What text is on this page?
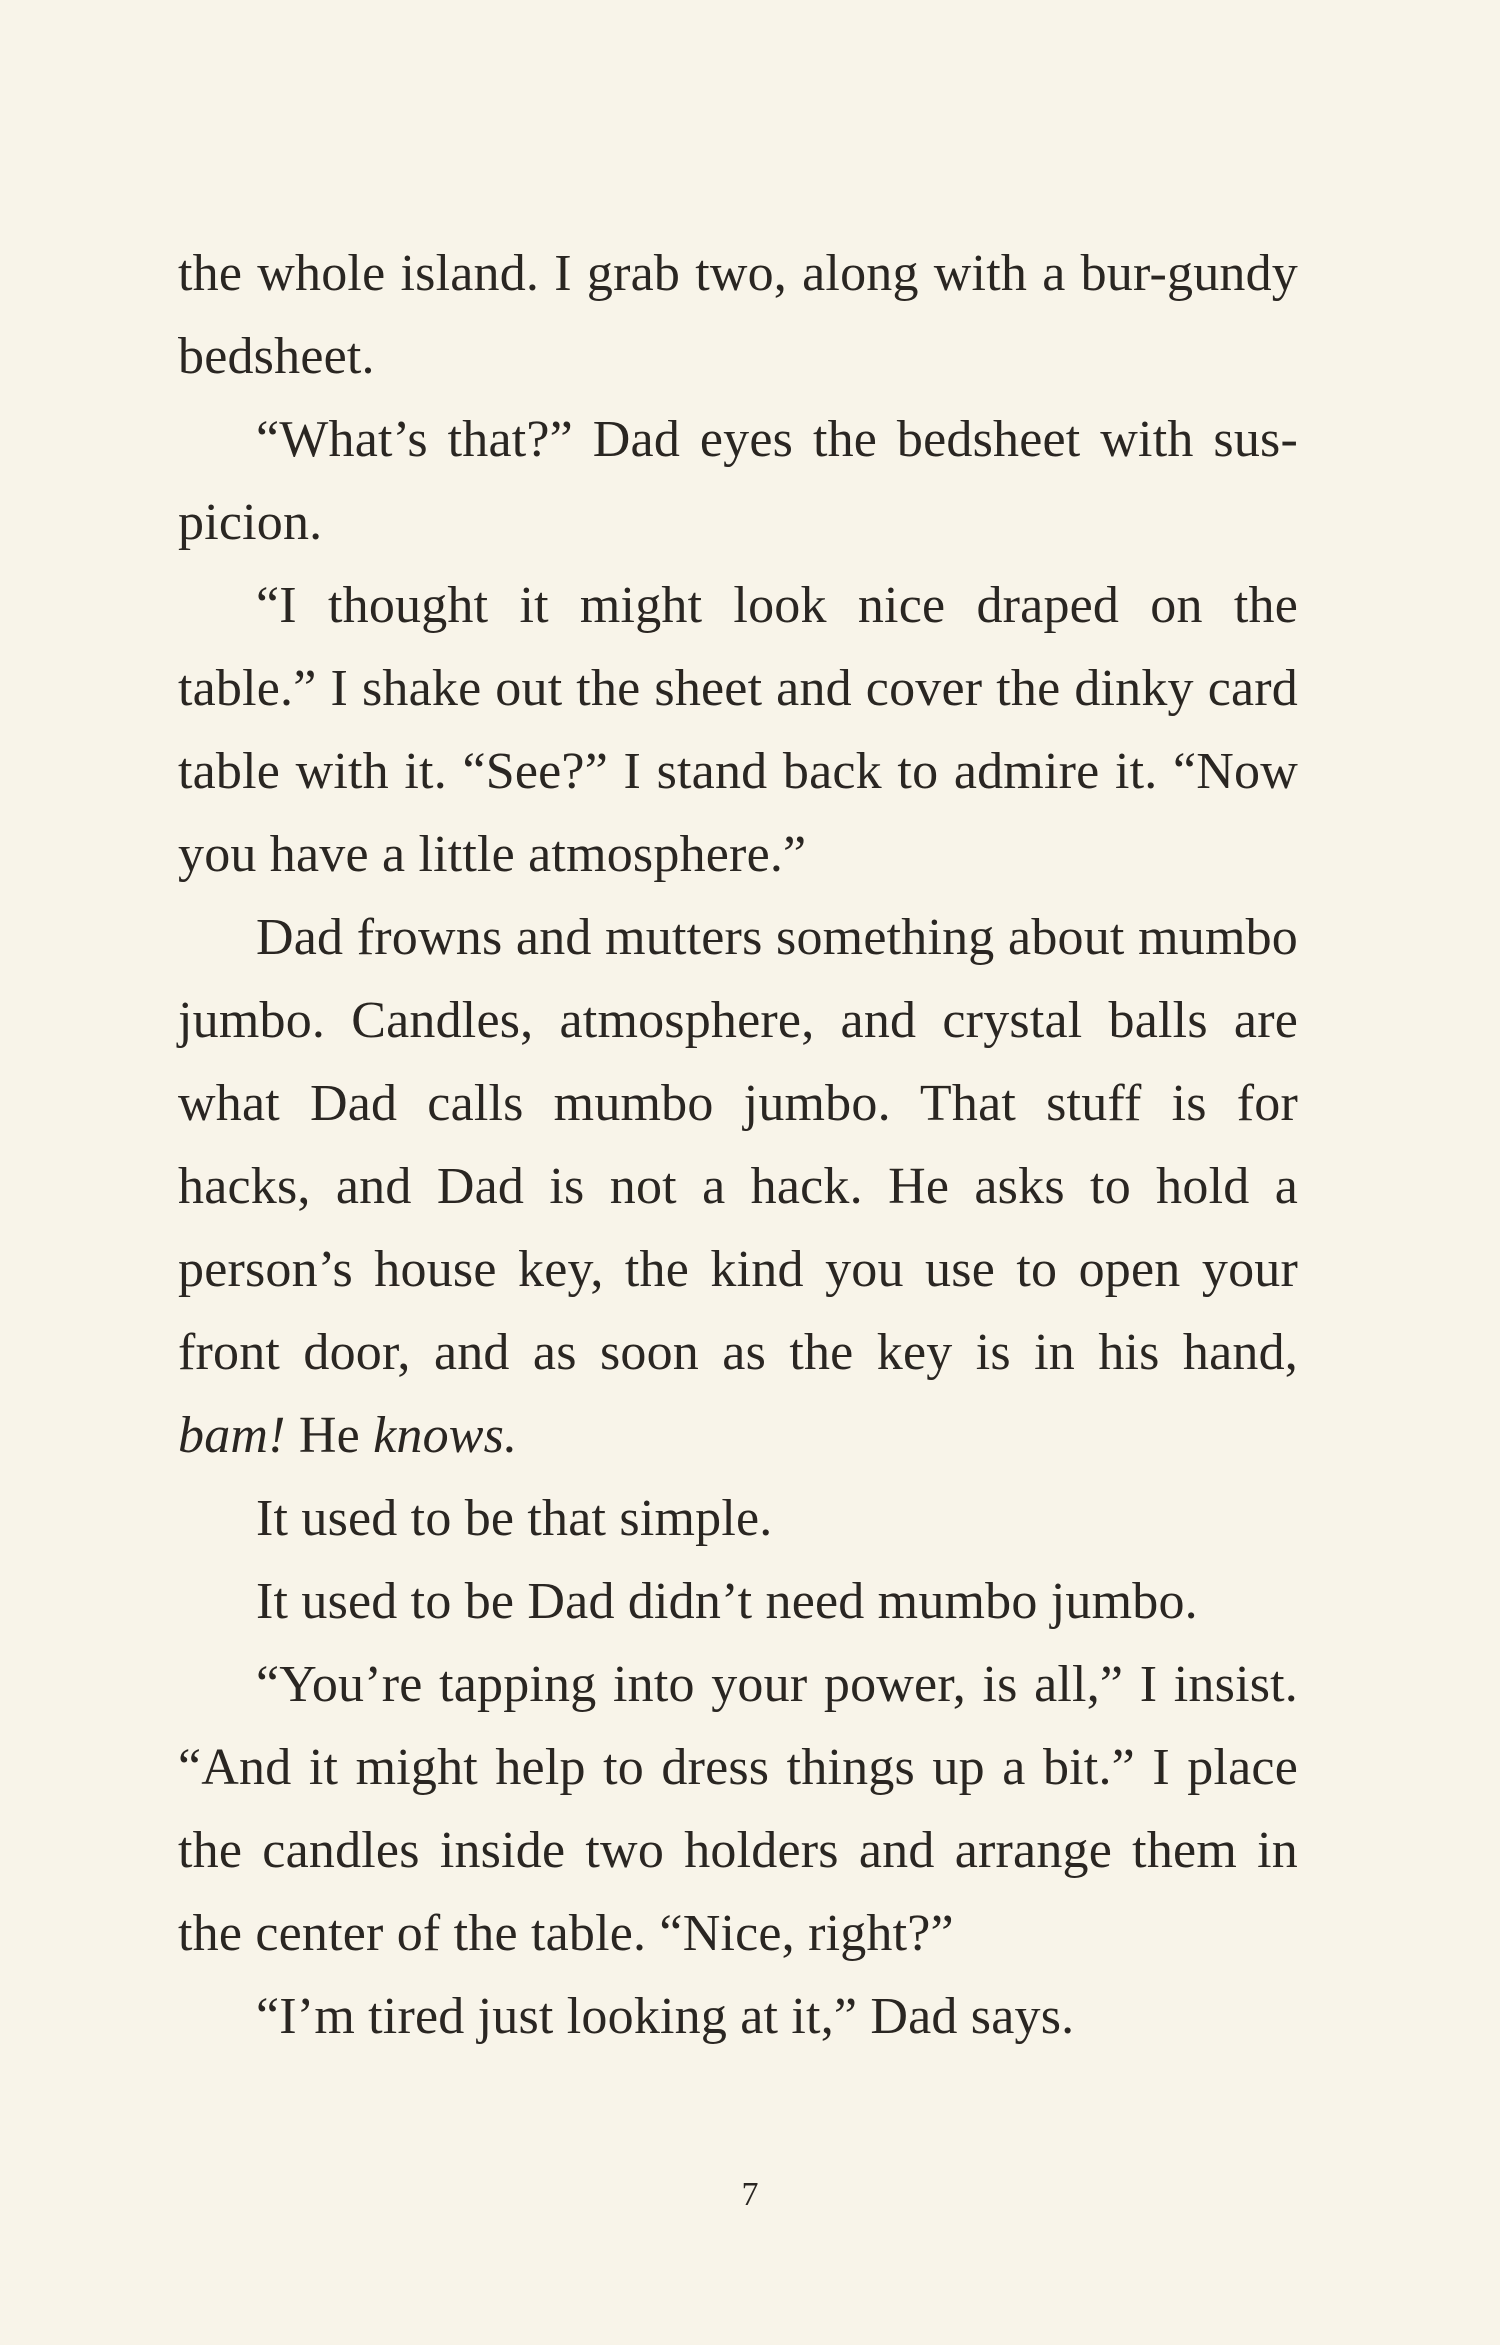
the whole island. I grab two, along with a bur-gundy bedsheet.

“What’s that?” Dad eyes the bedsheet with sus-picion.

“I thought it might look nice draped on the table.” I shake out the sheet and cover the dinky card table with it. “See?” I stand back to admire it. “Now you have a little atmosphere.”

Dad frowns and mutters something about mumbo jumbo. Candles, atmosphere, and crystal balls are what Dad calls mumbo jumbo. That stuff is for hacks, and Dad is not a hack. He asks to hold a person’s house key, the kind you use to open your front door, and as soon as the key is in his hand, bam! He knows.

It used to be that simple.

It used to be Dad didn’t need mumbo jumbo.

“You’re tapping into your power, is all,” I insist. “And it might help to dress things up a bit.” I place the candles inside two holders and arrange them in the center of the table. “Nice, right?”

“I’m tired just looking at it,” Dad says.

7
